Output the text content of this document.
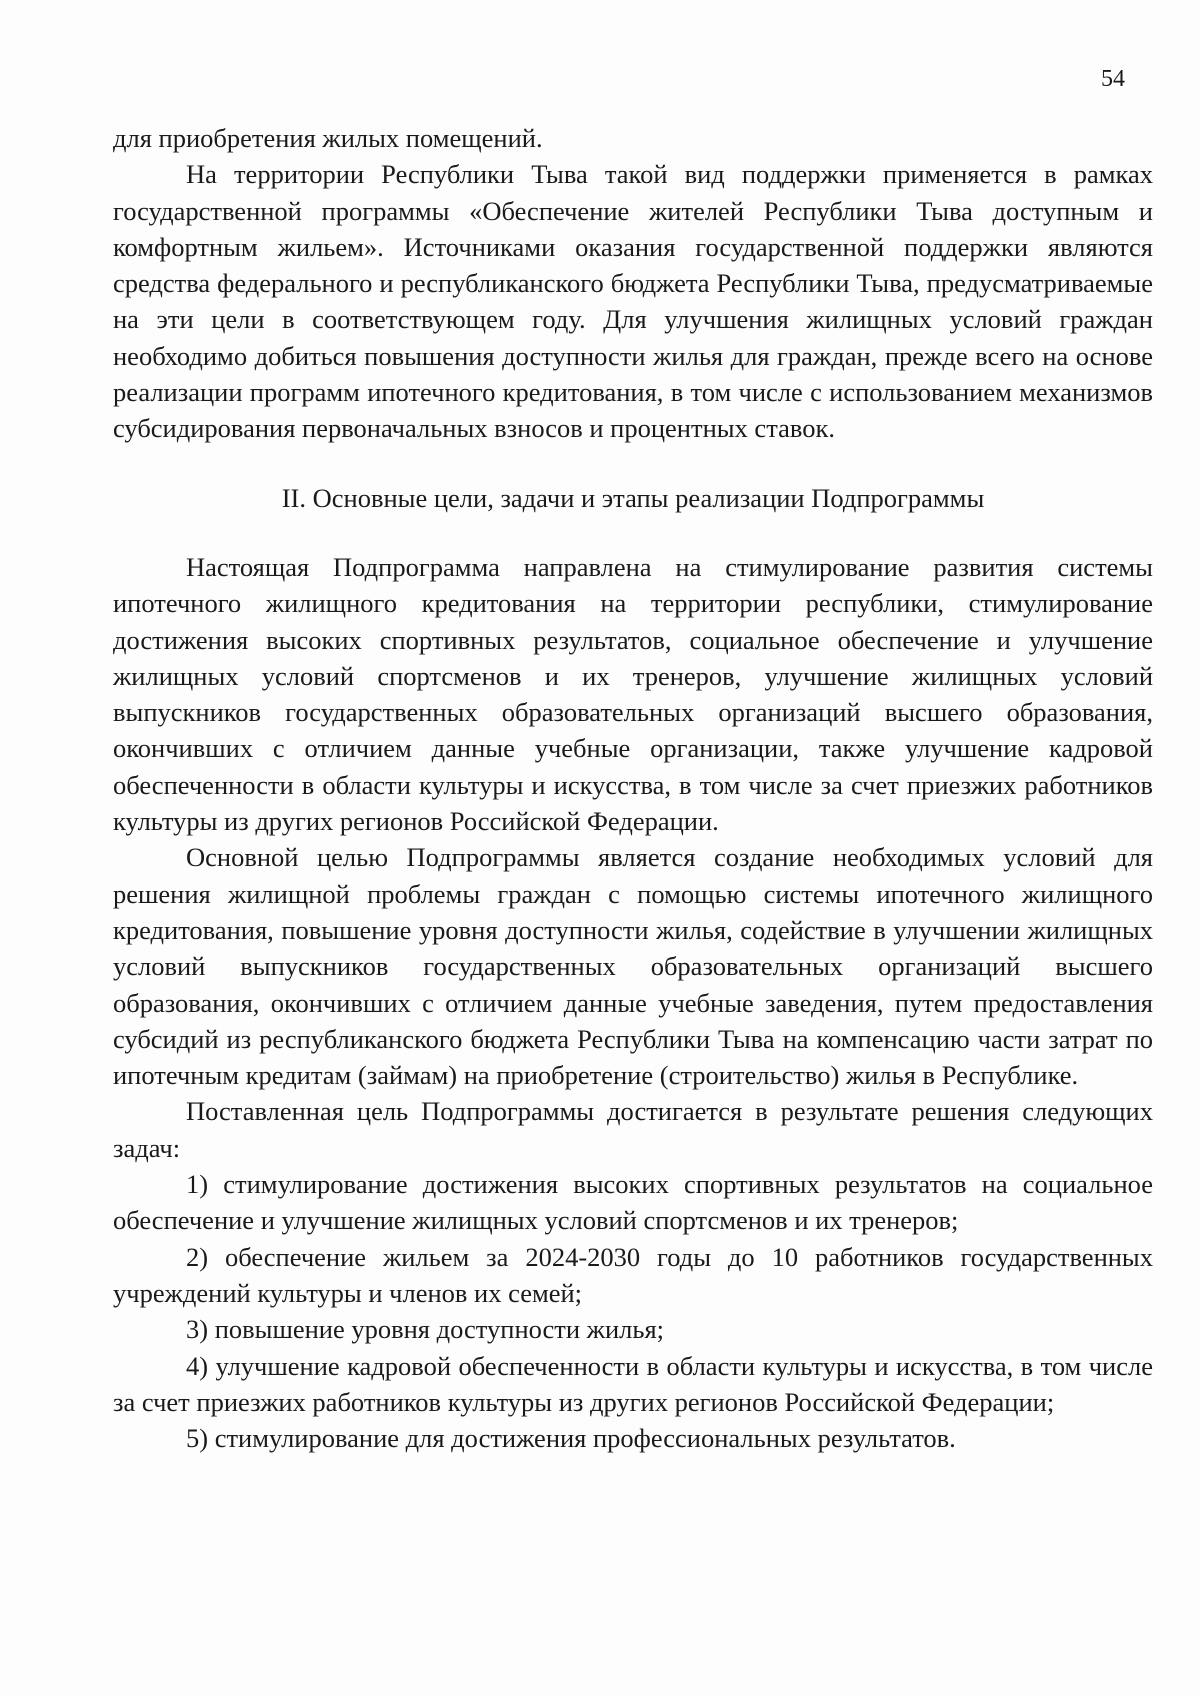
54

для приобретения жилых помещений.

На территории Республики Тыва такой вид поддержки применяется в рамках государственной программы «Обеспечение жителей Республики Тыва доступным и комфортным жильем». Источниками оказания государственной поддержки являются средства федерального и республиканского бюджета Республики Тыва, предусматриваемые на эти цели в соответствующем году. Для улучшения жилищных условий граждан необходимо добиться повышения доступности жилья для граждан, прежде всего на основе реализации программ ипотечного кредитования, в том числе с использованием механизмов субсидирования первоначальных взносов и процентных ставок.

II. Основные цели, задачи и этапы реализации Подпрограммы

Настоящая Подпрограмма направлена на стимулирование развития системы ипотечного жилищного кредитования на территории республики, стимулирование достижения высоких спортивных результатов, социальное обеспечение и улучшение жилищных условий спортсменов и их тренеров, улучшение жилищных условий выпускников государственных образовательных организаций высшего образования, окончивших с отличием данные учебные организации, также улучшение кадровой обеспеченности в области культуры и искусства, в том числе за счет приезжих работников культуры из других регионов Российской Федерации.

Основной целью Подпрограммы является создание необходимых условий для решения жилищной проблемы граждан с помощью системы ипотечного жилищного кредитования, повышение уровня доступности жилья, содействие в улучшении жилищных условий выпускников государственных образовательных организаций высшего образования, окончивших с отличием данные учебные заведения, путем предоставления субсидий из республиканского бюджета Республики Тыва на компенсацию части затрат по ипотечным кредитам (займам) на приобретение (строительство) жилья в Республике.

Поставленная цель Подпрограммы достигается в результате решения следующих задач:

1) стимулирование достижения высоких спортивных результатов на социальное обеспечение и улучшение жилищных условий спортсменов и их тренеров;

2) обеспечение жильем за 2024-2030 годы до 10 работников государственных учреждений культуры и членов их семей;

3) повышение уровня доступности жилья;

4) улучшение кадровой обеспеченности в области культуры и искусства, в том числе за счет приезжих работников культуры из других регионов Российской Федерации;

5) стимулирование для достижения профессиональных результатов.
